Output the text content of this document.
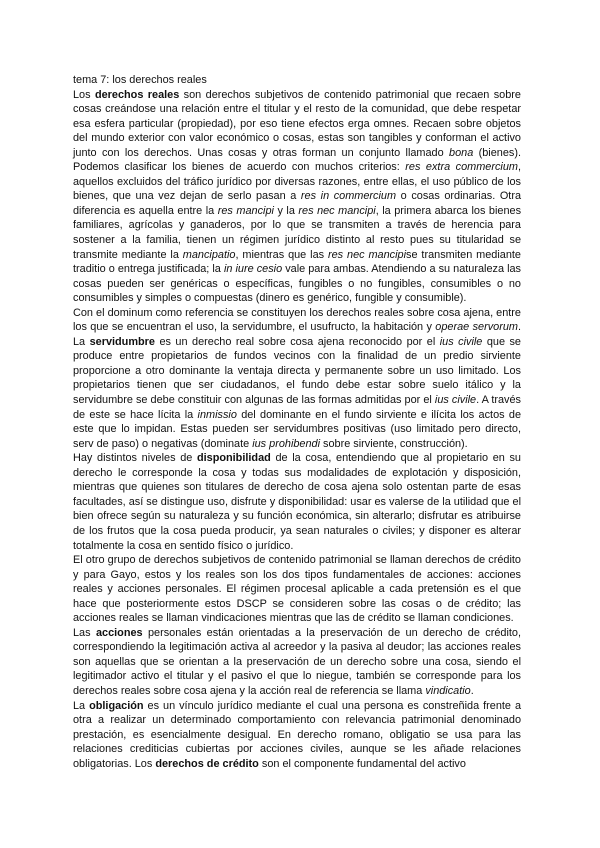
tema 7: los derechos reales

Los derechos reales son derechos subjetivos de contenido patrimonial que recaen sobre cosas creándose una relación entre el titular y el resto de la comunidad, que debe respetar esa esfera particular (propiedad), por eso tiene efectos erga omnes. Recaen sobre objetos del mundo exterior con valor económico o cosas, estas son tangibles y conforman el activo junto con los derechos. Unas cosas y otras forman un conjunto llamado bona (bienes). Podemos clasificar los bienes de acuerdo con muchos criterios: res extra commercium, aquellos excluidos del tráfico jurídico por diversas razones, entre ellas, el uso público de los bienes, que una vez dejan de serlo pasan a res in commercium o cosas ordinarias. Otra diferencia es aquella entre la res mancipi y la res nec mancipi, la primera abarca los bienes familiares, agrícolas y ganaderos, por lo que se transmiten a través de herencia para sostener a la familia, tienen un régimen jurídico distinto al resto pues su titularidad se transmite mediante la mancipatio, mientras que las res nec mancipise transmiten mediante traditio o entrega justificada; la in iure cesio vale para ambas. Atendiendo a su naturaleza las cosas pueden ser genéricas o específicas, fungibles o no fungibles, consumibles o no consumibles y simples o compuestas (dinero es genérico, fungible y consumible).

Con el dominum como referencia se constituyen los derechos reales sobre cosa ajena, entre los que se encuentran el uso, la servidumbre, el usufructo, la habitación y operae servorum. La servidumbre es un derecho real sobre cosa ajena reconocido por el ius civile que se produce entre propietarios de fundos vecinos con la finalidad de un predio sirviente proporcione a otro dominante la ventaja directa y permanente sobre un uso limitado. Los propietarios tienen que ser ciudadanos, el fundo debe estar sobre suelo itálico y la servidumbre se debe constituir con algunas de las formas admitidas por el ius civile. A través de este se hace lícita la inmissio del dominante en el fundo sirviente e ilícita los actos de este que lo impidan. Estas pueden ser servidumbres positivas (uso limitado pero directo, serv de paso) o negativas (dominate ius prohibendi sobre sirviente, construcción).

Hay distintos niveles de disponibilidad de la cosa, entendiendo que al propietario en su derecho le corresponde la cosa y todas sus modalidades de explotación y disposición, mientras que quienes son titulares de derecho de cosa ajena solo ostentan parte de esas facultades, así se distingue uso, disfrute y disponibilidad: usar es valerse de la utilidad que el bien ofrece según su naturaleza y su función económica, sin alterarlo; disfrutar es atribuirse de los frutos que la cosa pueda producir, ya sean naturales o civiles; y disponer es alterar totalmente la cosa en sentido físico o jurídico.

El otro grupo de derechos subjetivos de contenido patrimonial se llaman derechos de crédito y para Gayo, estos y los reales son los dos tipos fundamentales de acciones: acciones reales y acciones personales. El régimen procesal aplicable a cada pretensión es el que hace que posteriormente estos DSCP se consideren sobre las cosas o de crédito; las acciones reales se llaman vindicaciones mientras que las de crédito se llaman condiciones.

Las acciones personales están orientadas a la preservación de un derecho de crédito, correspondiendo la legitimación activa al acreedor y la pasiva al deudor; las acciones reales son aquellas que se orientan a la preservación de un derecho sobre una cosa, siendo el legitimador activo el titular y el pasivo el que lo niegue, también se corresponde para los derechos reales sobre cosa ajena y la acción real de referencia se llama vindicatio.

La obligación es un vínculo jurídico mediante el cual una persona es constreñida frente a otra a realizar un determinado comportamiento con relevancia patrimonial denominado prestación, es esencialmente desigual. En derecho romano, obligatio se usa para las relaciones crediticias cubiertas por acciones civiles, aunque se les añade relaciones obligatorias. Los derechos de crédito son el componente fundamental del activo
